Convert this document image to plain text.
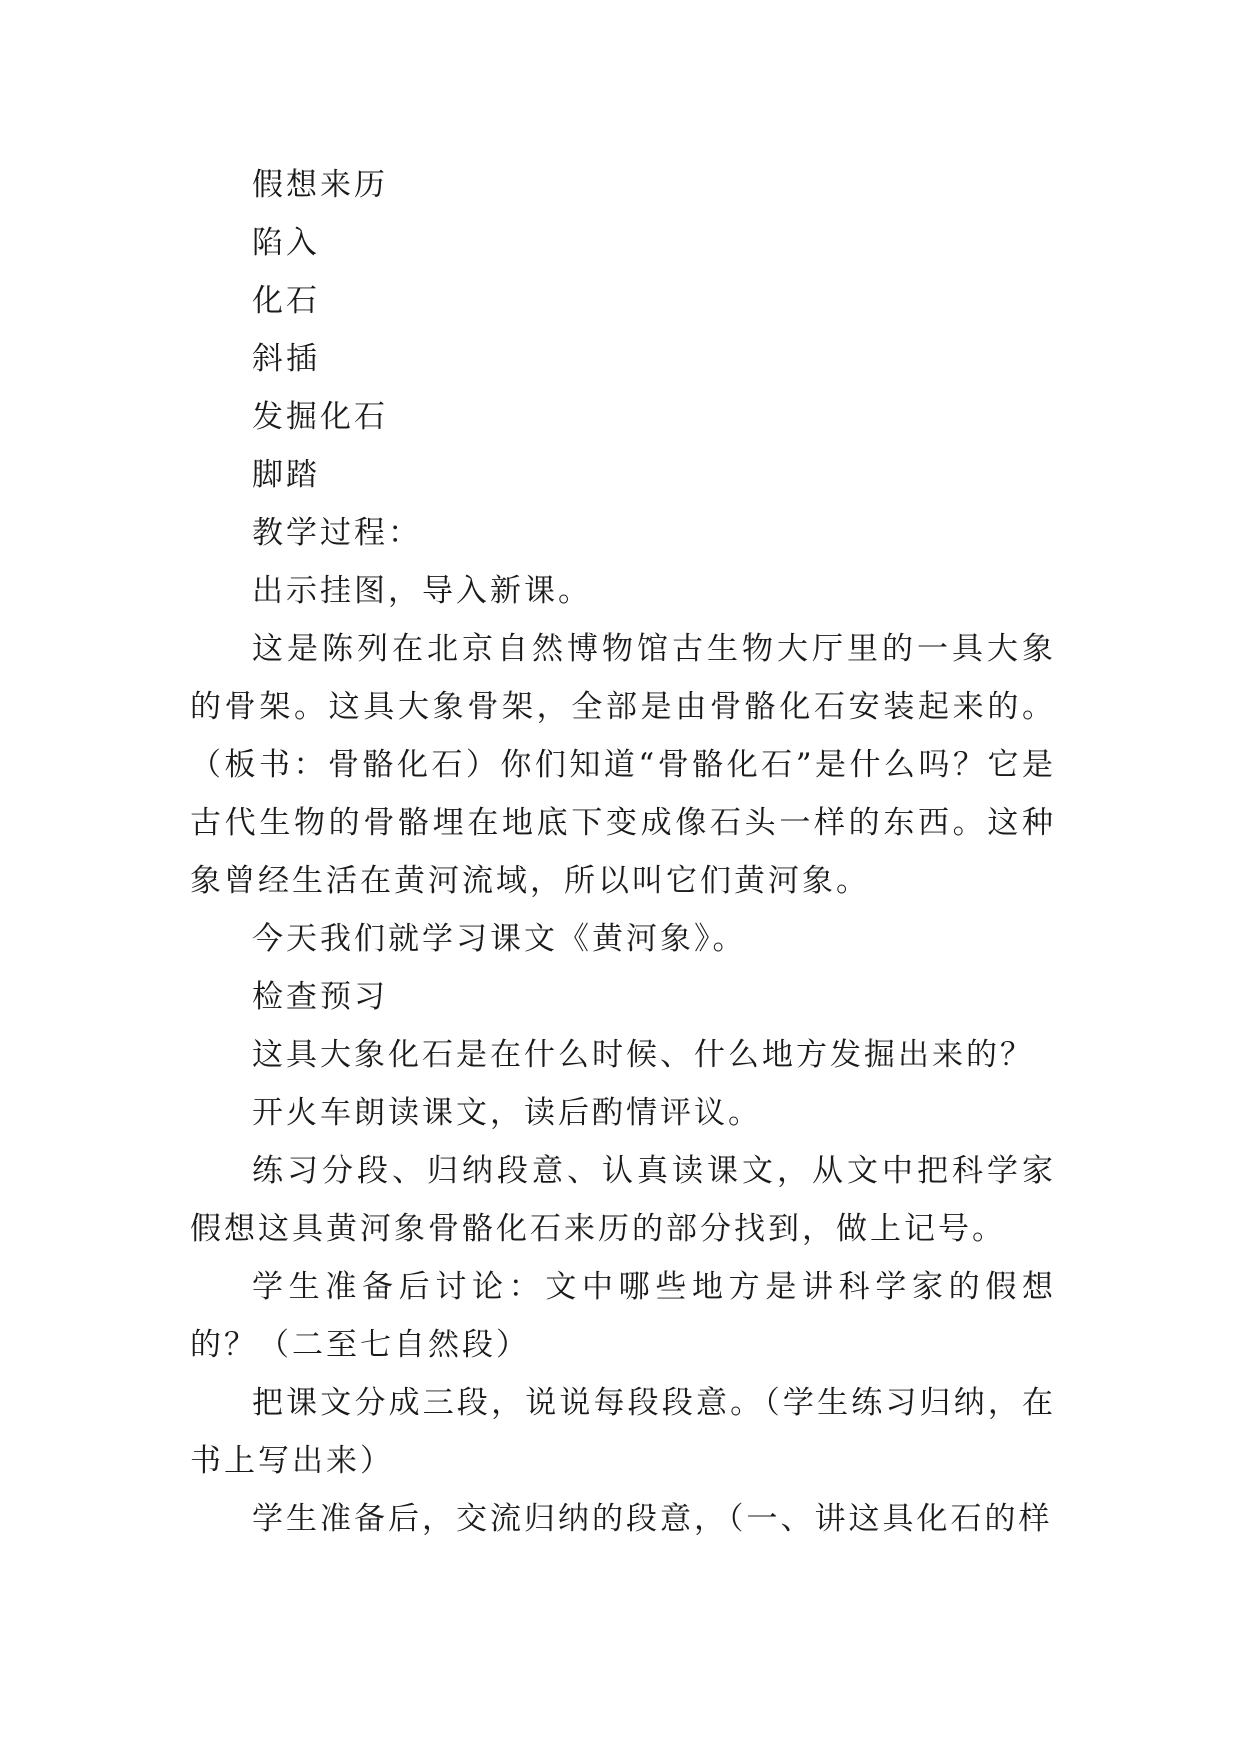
假想来历

陷入

化石

斜插

发掘化石

脚踏

教学过程：

出示挂图，导入新课。

这是陈列在北京自然博物馆古生物大厅里的一具大象的骨架。这具大象骨架，全部是由骨骼化石安装起来的。（板书：骨骼化石）你们知道“骨骼化石”是什么吗？它是古代生物的骨骼埋在地底下变成像石头一样的东西。这种象曾经生活在黄河流域，所以叫它们黄河象。

今天我们就学习课文《黄河象》。

检查预习

这具大象化石是在什么时候、什么地方发掘出来的？

开火车朗读课文，读后酌情评议。

练习分段、归纳段意、认真读课文，从文中把科学家假想这具黄河象骨骼化石来历的部分找到，做上记号。

学生准备后讨论：文中哪些地方是讲科学家的假想的？（二至七自然段）

把课文分成三段，说说每段段意。（学生练习归纳，在书上写出来）

学生准备后，交流归纳的段意，（一、讲这具化石的样
